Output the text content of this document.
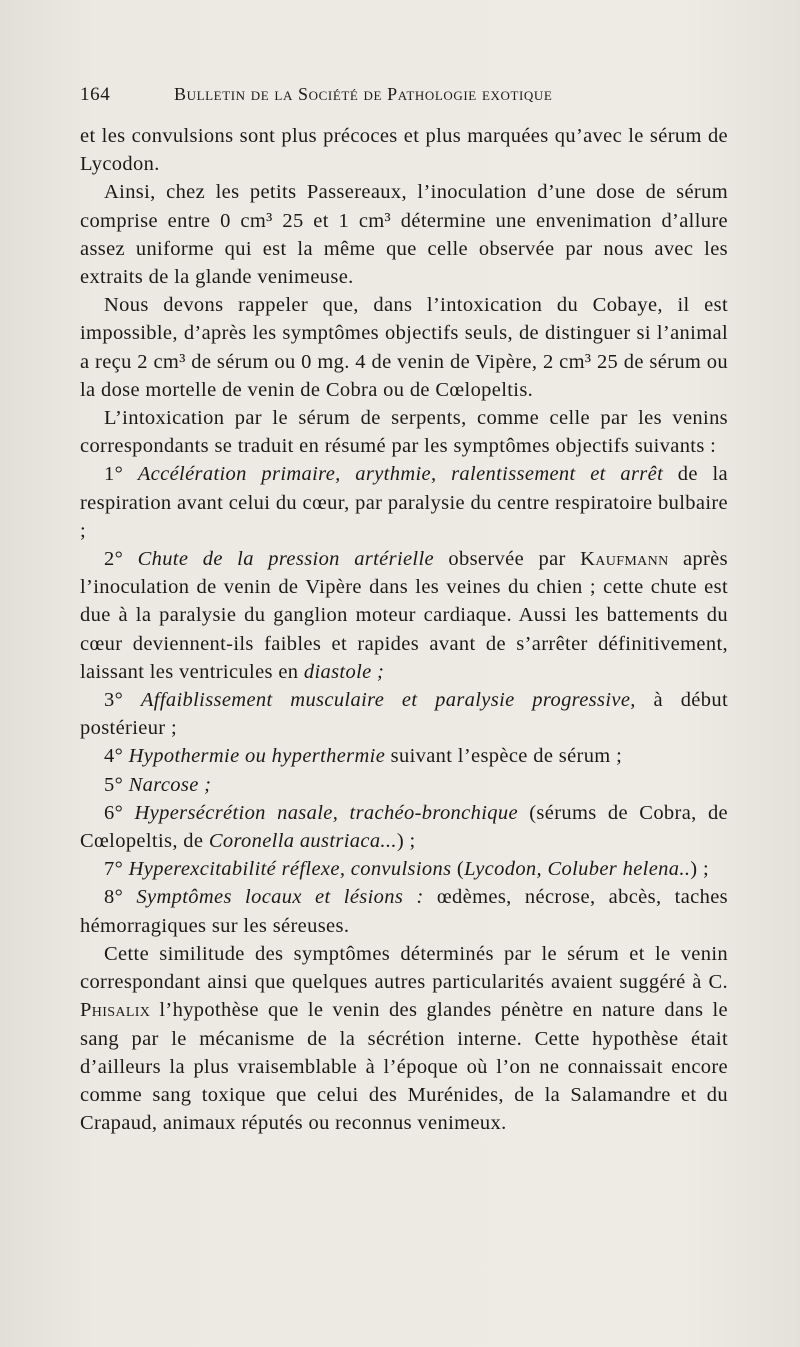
164	Bulletin de la Société de Pathologie exotique

et les convulsions sont plus précoces et plus marquées qu’avec le sérum de Lycodon.

Ainsi, chez les petits Passereaux, l’inoculation d’une dose de sérum comprise entre 0 cm³ 25 et 1 cm³ détermine une envenimation d’allure assez uniforme qui est la même que celle observée par nous avec les extraits de la glande venimeuse.

Nous devons rappeler que, dans l’intoxication du Cobaye, il est impossible, d’après les symptômes objectifs seuls, de distinguer si l’animal a reçu 2 cm³ de sérum ou 0 mg. 4 de venin de Vipère, 2 cm³ 25 de sérum ou la dose mortelle de venin de Cobra ou de Cœlopeltis.

L’intoxication par le sérum de serpents, comme celle par les venins correspondants se traduit en résumé par les symptômes objectifs suivants :

1° Accélération primaire, arythmie, ralentissement et arrêt de la respiration avant celui du cœur, par paralysie du centre respiratoire bulbaire ;

2° Chute de la pression artérielle observée par Kaufmann après l’inoculation de venin de Vipère dans les veines du chien ; cette chute est due à la paralysie du ganglion moteur cardiaque. Aussi les battements du cœur deviennent-ils faibles et rapides avant de s’arrêter définitivement, laissant les ventricules en diastole ;

3° Affaiblissement musculaire et paralysie progressive, à début postérieur ;

4° Hypothermie ou hyperthermie suivant l’espèce de sérum ;

5° Narcose ;

6° Hypersécrétion nasale, trachéo-bronchique (sérums de Cobra, de Cœlopeltis, de Coronella austriaca...) ;

7° Hyperexcitabilité réflexe, convulsions (Lycodon, Coluber helena..) ;

8° Symptômes locaux et lésions : œdèmes, nécrose, abcès, taches hémorragiques sur les séreuses.

Cette similitude des symptômes déterminés par le sérum et le venin correspondant ainsi que quelques autres particularités avaient suggéré à C. Phisalix l’hypothèse que le venin des glandes pénètre en nature dans le sang par le mécanisme de la sécrétion interne. Cette hypothèse était d’ailleurs la plus vraisemblable à l’époque où l’on ne connaissait encore comme sang toxique que celui des Murénides, de la Salamandre et du Crapaud, animaux réputés ou reconnus venimeux.
